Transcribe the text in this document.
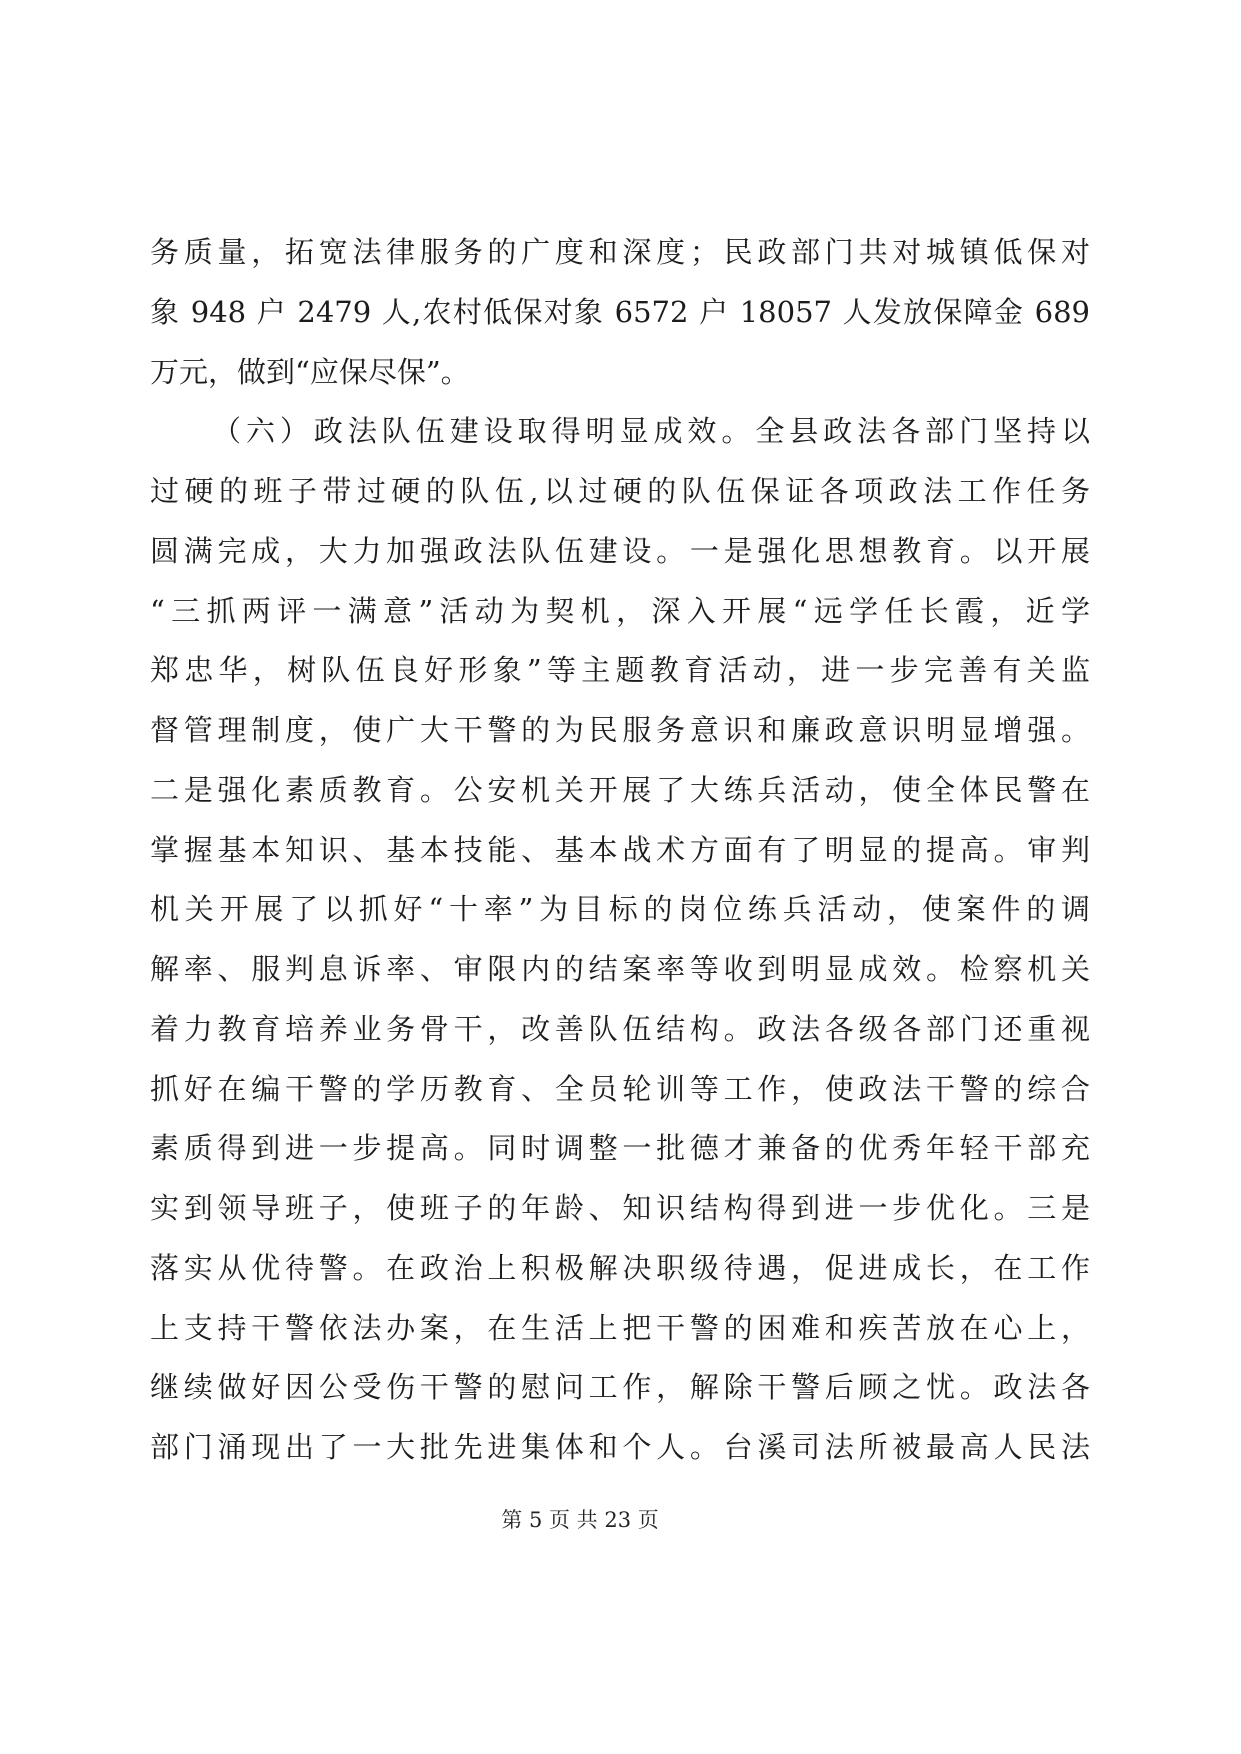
务质量，拓宽法律服务的广度和深度；民政部门共对城镇低保对
象 948 户 2479 人,农村低保对象 6572 户 18057 人发放保障金 689
万元，做到“应保尽保”。
（六）政法队伍建设取得明显成效。全县政法各部门坚持以
过硬的班子带过硬的队伍,以过硬的队伍保证各项政法工作任务
圆满完成，大力加强政法队伍建设。一是强化思想教育。以开展
“三抓两评一满意”活动为契机，深入开展“远学任长霞，近学
郑忠华，树队伍良好形象”等主题教育活动，进一步完善有关监
督管理制度，使广大干警的为民服务意识和廉政意识明显增强。
二是强化素质教育。公安机关开展了大练兵活动，使全体民警在
掌握基本知识、基本技能、基本战术方面有了明显的提高。审判
机关开展了以抓好“十率”为目标的岗位练兵活动，使案件的调
解率、服判息诉率、审限内的结案率等收到明显成效。检察机关
着力教育培养业务骨干，改善队伍结构。政法各级各部门还重视
抓好在编干警的学历教育、全员轮训等工作，使政法干警的综合
素质得到进一步提高。同时调整一批德才兼备的优秀年轻干部充
实到领导班子，使班子的年龄、知识结构得到进一步优化。三是
落实从优待警。在政治上积极解决职级待遇，促进成长，在工作
上支持干警依法办案，在生活上把干警的困难和疾苦放在心上，
继续做好因公受伤干警的慰问工作，解除干警后顾之忧。政法各
部门涌现出了一大批先进集体和个人。台溪司法所被最高人民法
第 5 页 共 23 页
